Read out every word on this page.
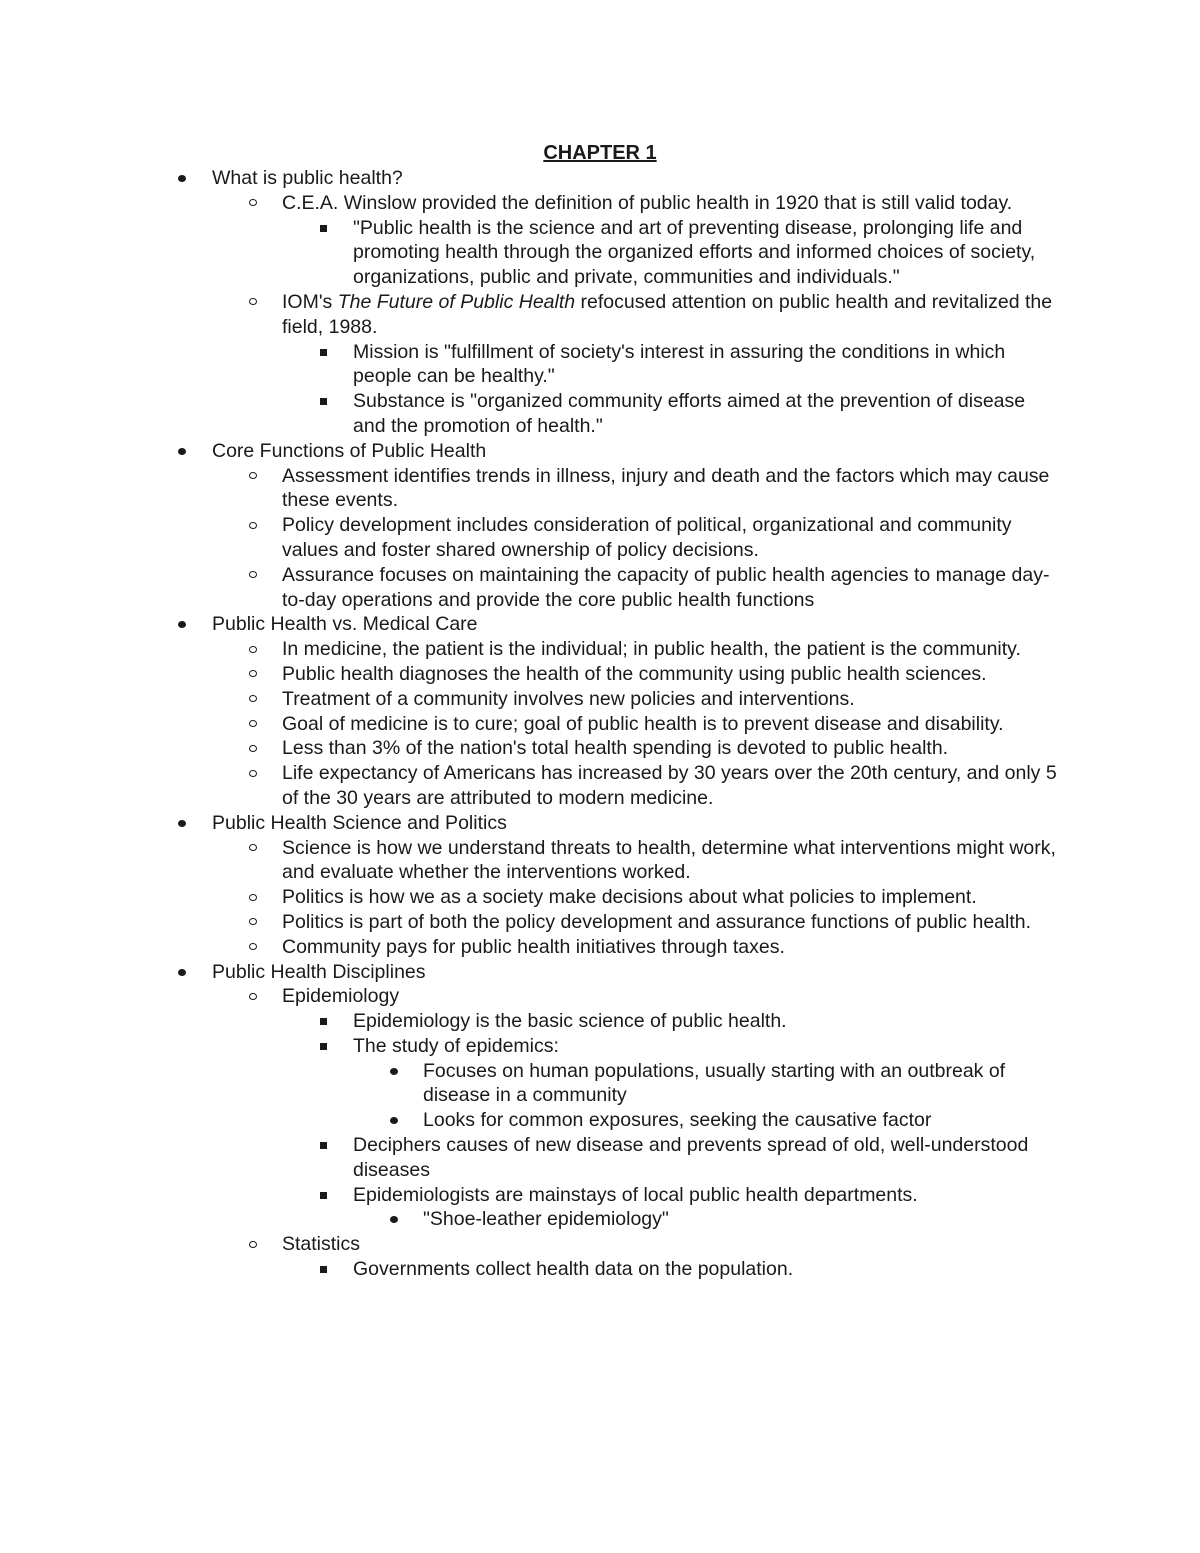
CHAPTER 1
What is public health?
C.E.A. Winslow provided the definition of public health in 1920 that is still valid today.
"Public health is the science and art of preventing disease, prolonging life and promoting health through the organized efforts and informed choices of society, organizations, public and private, communities and individuals."
IOM's The Future of Public Health refocused attention on public health and revitalized the field, 1988.
Mission is "fulfillment of society's interest in assuring the conditions in which people can be healthy."
Substance is "organized community efforts aimed at the prevention of disease and the promotion of health."
Core Functions of Public Health
Assessment identifies trends in illness, injury and death and the factors which may cause these events.
Policy development includes consideration of political, organizational and community values and foster shared ownership of policy decisions.
Assurance focuses on maintaining the capacity of public health agencies to manage day-to-day operations and provide the core public health functions
Public Health vs. Medical Care
In medicine, the patient is the individual; in public health, the patient is the community.
Public health diagnoses the health of the community using public health sciences.
Treatment of a community involves new policies and interventions.
Goal of medicine is to cure; goal of public health is to prevent disease and disability.
Less than 3% of the nation's total health spending is devoted to public health.
Life expectancy of Americans has increased by 30 years over the 20th century, and only 5 of the 30 years are attributed to modern medicine.
Public Health Science and Politics
Science is how we understand threats to health, determine what interventions might work, and evaluate whether the interventions worked.
Politics is how we as a society make decisions about what policies to implement.
Politics is part of both the policy development and assurance functions of public health.
Community pays for public health initiatives through taxes.
Public Health Disciplines
Epidemiology
Epidemiology is the basic science of public health.
The study of epidemics:
Focuses on human populations, usually starting with an outbreak of disease in a community
Looks for common exposures, seeking the causative factor
Deciphers causes of new disease and prevents spread of old, well-understood diseases
Epidemiologists are mainstays of local public health departments.
"Shoe-leather epidemiology"
Statistics
Governments collect health data on the population.
